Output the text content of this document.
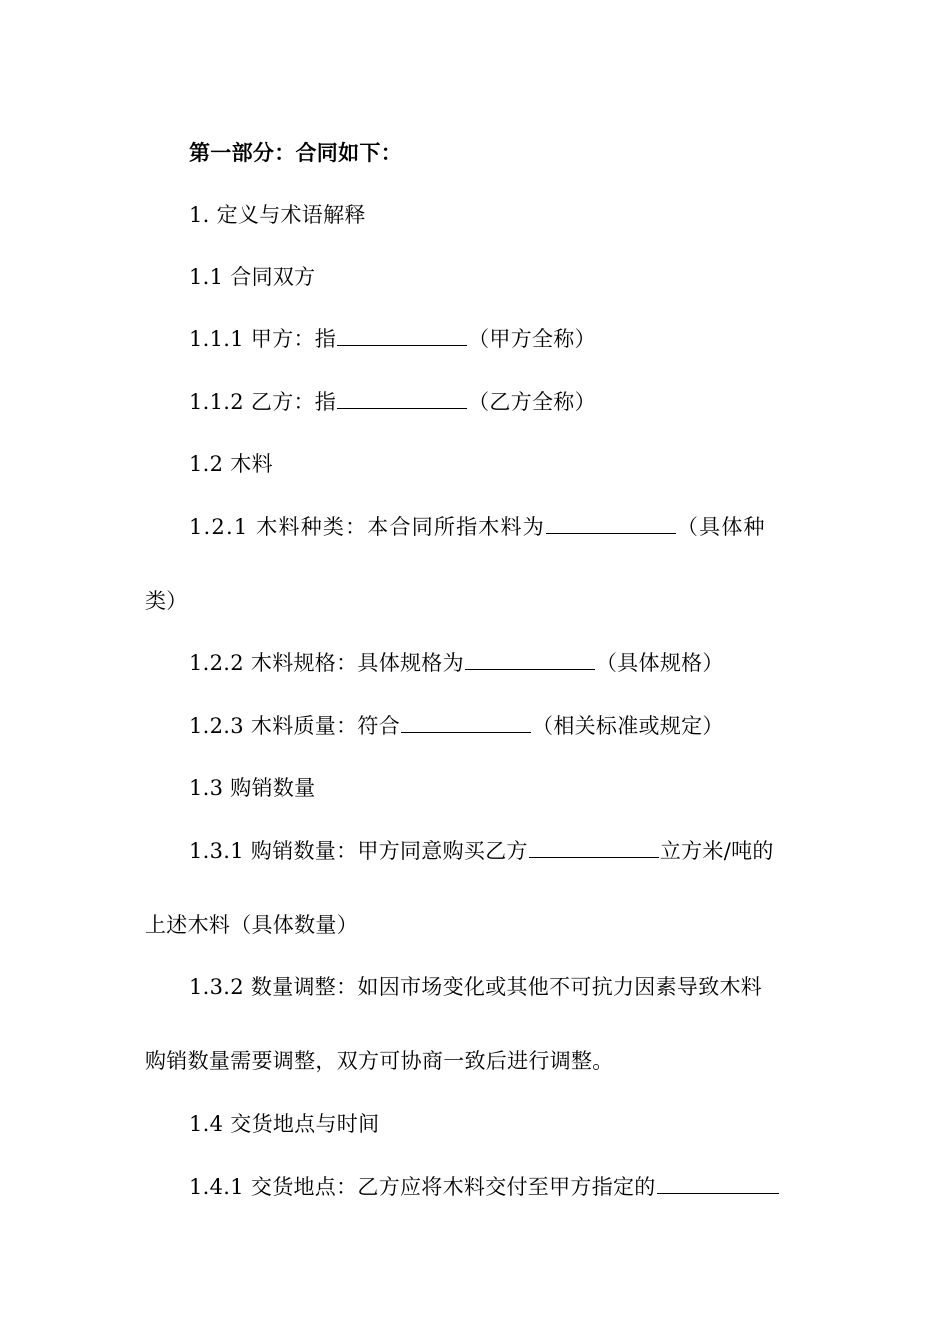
第一部分：合同如下：
1. 定义与术语解释
1.1 合同双方
1.1.1 甲方：指	（甲方全称）
1.1.2 乙方：指	（乙方全称）
1.2 木料
1.2.1 木料种类：本合同所指木料为	（具体种
类）
1.2.2 木料规格：具体规格为	（具体规格）
1.2.3 木料质量：符合	（相关标准或规定）
1.3 购销数量
1.3.1 购销数量：甲方同意购买乙方	立方米/吨的
上述木料（具体数量）
1.3.2 数量调整：如因市场变化或其他不可抗力因素导致木料
购销数量需要调整，双方可协商一致后进行调整。
1.4 交货地点与时间
1.4.1 交货地点：乙方应将木料交付至甲方指定的
